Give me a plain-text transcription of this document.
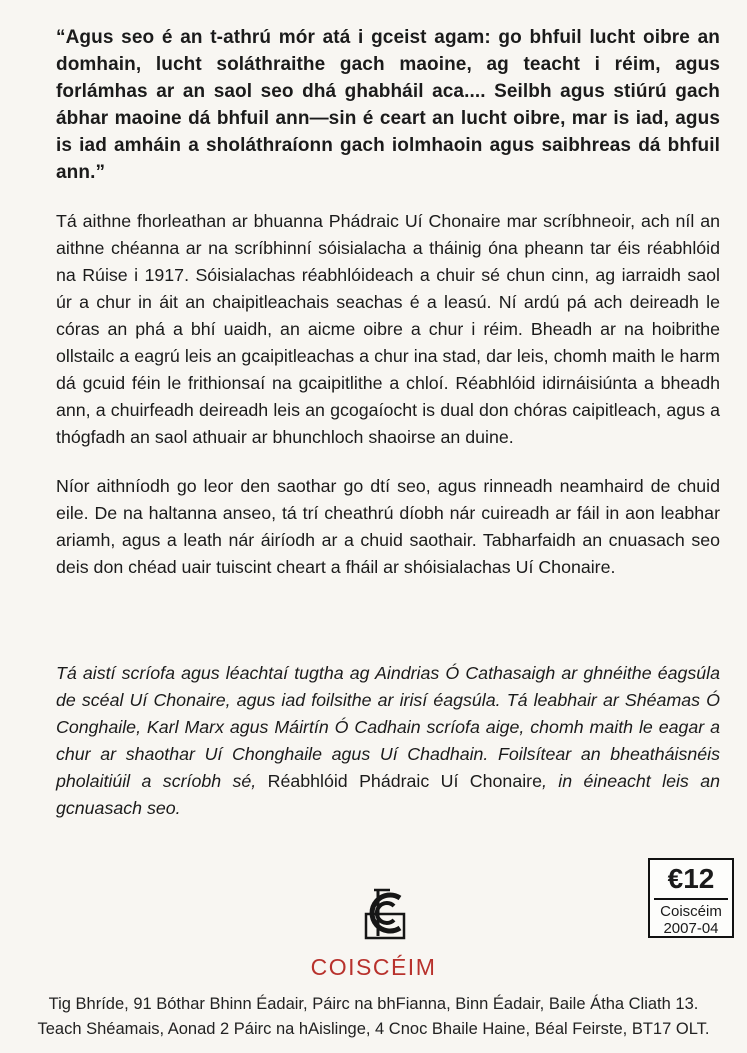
“Agus seo é an t-athrú mór atá i gceist agam: go bhfuil lucht oibre an domhain, lucht soláthraithe gach maoine, ag teacht i réim, agus forlámhas ar an saol seo dhá ghabháil aca.... Seilbh agus stiúrú gach ábhar maoine dá bhfuil ann—sin é ceart an lucht oibre, mar is iad, agus is iad amháin a sholáthraíonn gach iolmhaoin agus saibhreas dá bhfuil ann.”

Tá aithne fhorleathan ar bhuanna Phádraic Uí Chonaire mar scríbhneoir, ach níl an aithne chéanna ar na scríbhinní sóisialacha a tháinig óna pheann tar éis réabhlóid na Rúise i 1917. Sóisialachas réabhlóideach a chuir sé chun cinn, ag iarraidh saol úr a chur in áit an chaipitleachais seachas é a leasú. Ní ardú pá ach deireadh le córas an phá a bhí uaidh, an aicme oibre a chur i réim. Bheadh ar na hoibrithe ollstailc a eagrú leis an gcaipitleachas a chur ina stad, dar leis, chomh maith le harm dá gcuid féin le frithionsaí na gcaipitlithe a chloí. Réabhlóid idirnáisiúnta a bheadh ann, a chuirfeadh deireadh leis an gcogaíocht is dual don chóras caipitleach, agus a thógfadh an saol athuair ar bhunchloch shaoirse an duine.

Níor aithníodh go leor den saothar go dtí seo, agus rinneadh neamhaird de chuid eile. De na haltanna anseo, tá trí cheathrú díobh nár cuireadh ar fáil in aon leabhar ariamh, agus a leath nár áiríodh ar a chuid saothair. Tabharfaidh an cnuasach seo deis don chéad uair tuiscint cheart a fháil ar shóisialachas Uí Chonaire.

Tá aistí scríofa agus léachtaí tugtha ag Aindrias Ó Cathasaigh ar ghnéithe éagsúla de scéal Uí Chonaire, agus iad foilsithe ar irisí éagsúla. Tá leabhair ar Shéamas Ó Conghaile, Karl Marx agus Máirtín Ó Cadhain scríofa aige, chomh maith le eagar a chur ar shaothar Uí Chonghaile agus Uí Chadhain. Foilsítear an bheatháisnéis pholaitiúil a scríobh sé, Réabhlóid Phádraic Uí Chonaire, in éineacht leis an gcnuasach seo.

€12
Coiscéim
2007-04
COISCÉIM
Tig Bhríde, 91 Bóthar Bhinn Éadair, Páirc na bhFianna, Binn Éadair, Baile Átha Cliath 13.
Teach Shéamais, Aonad 2 Páirc na hAislinge, 4 Cnoc Bhaile Haine, Béal Feirste, BT17 OLT.
